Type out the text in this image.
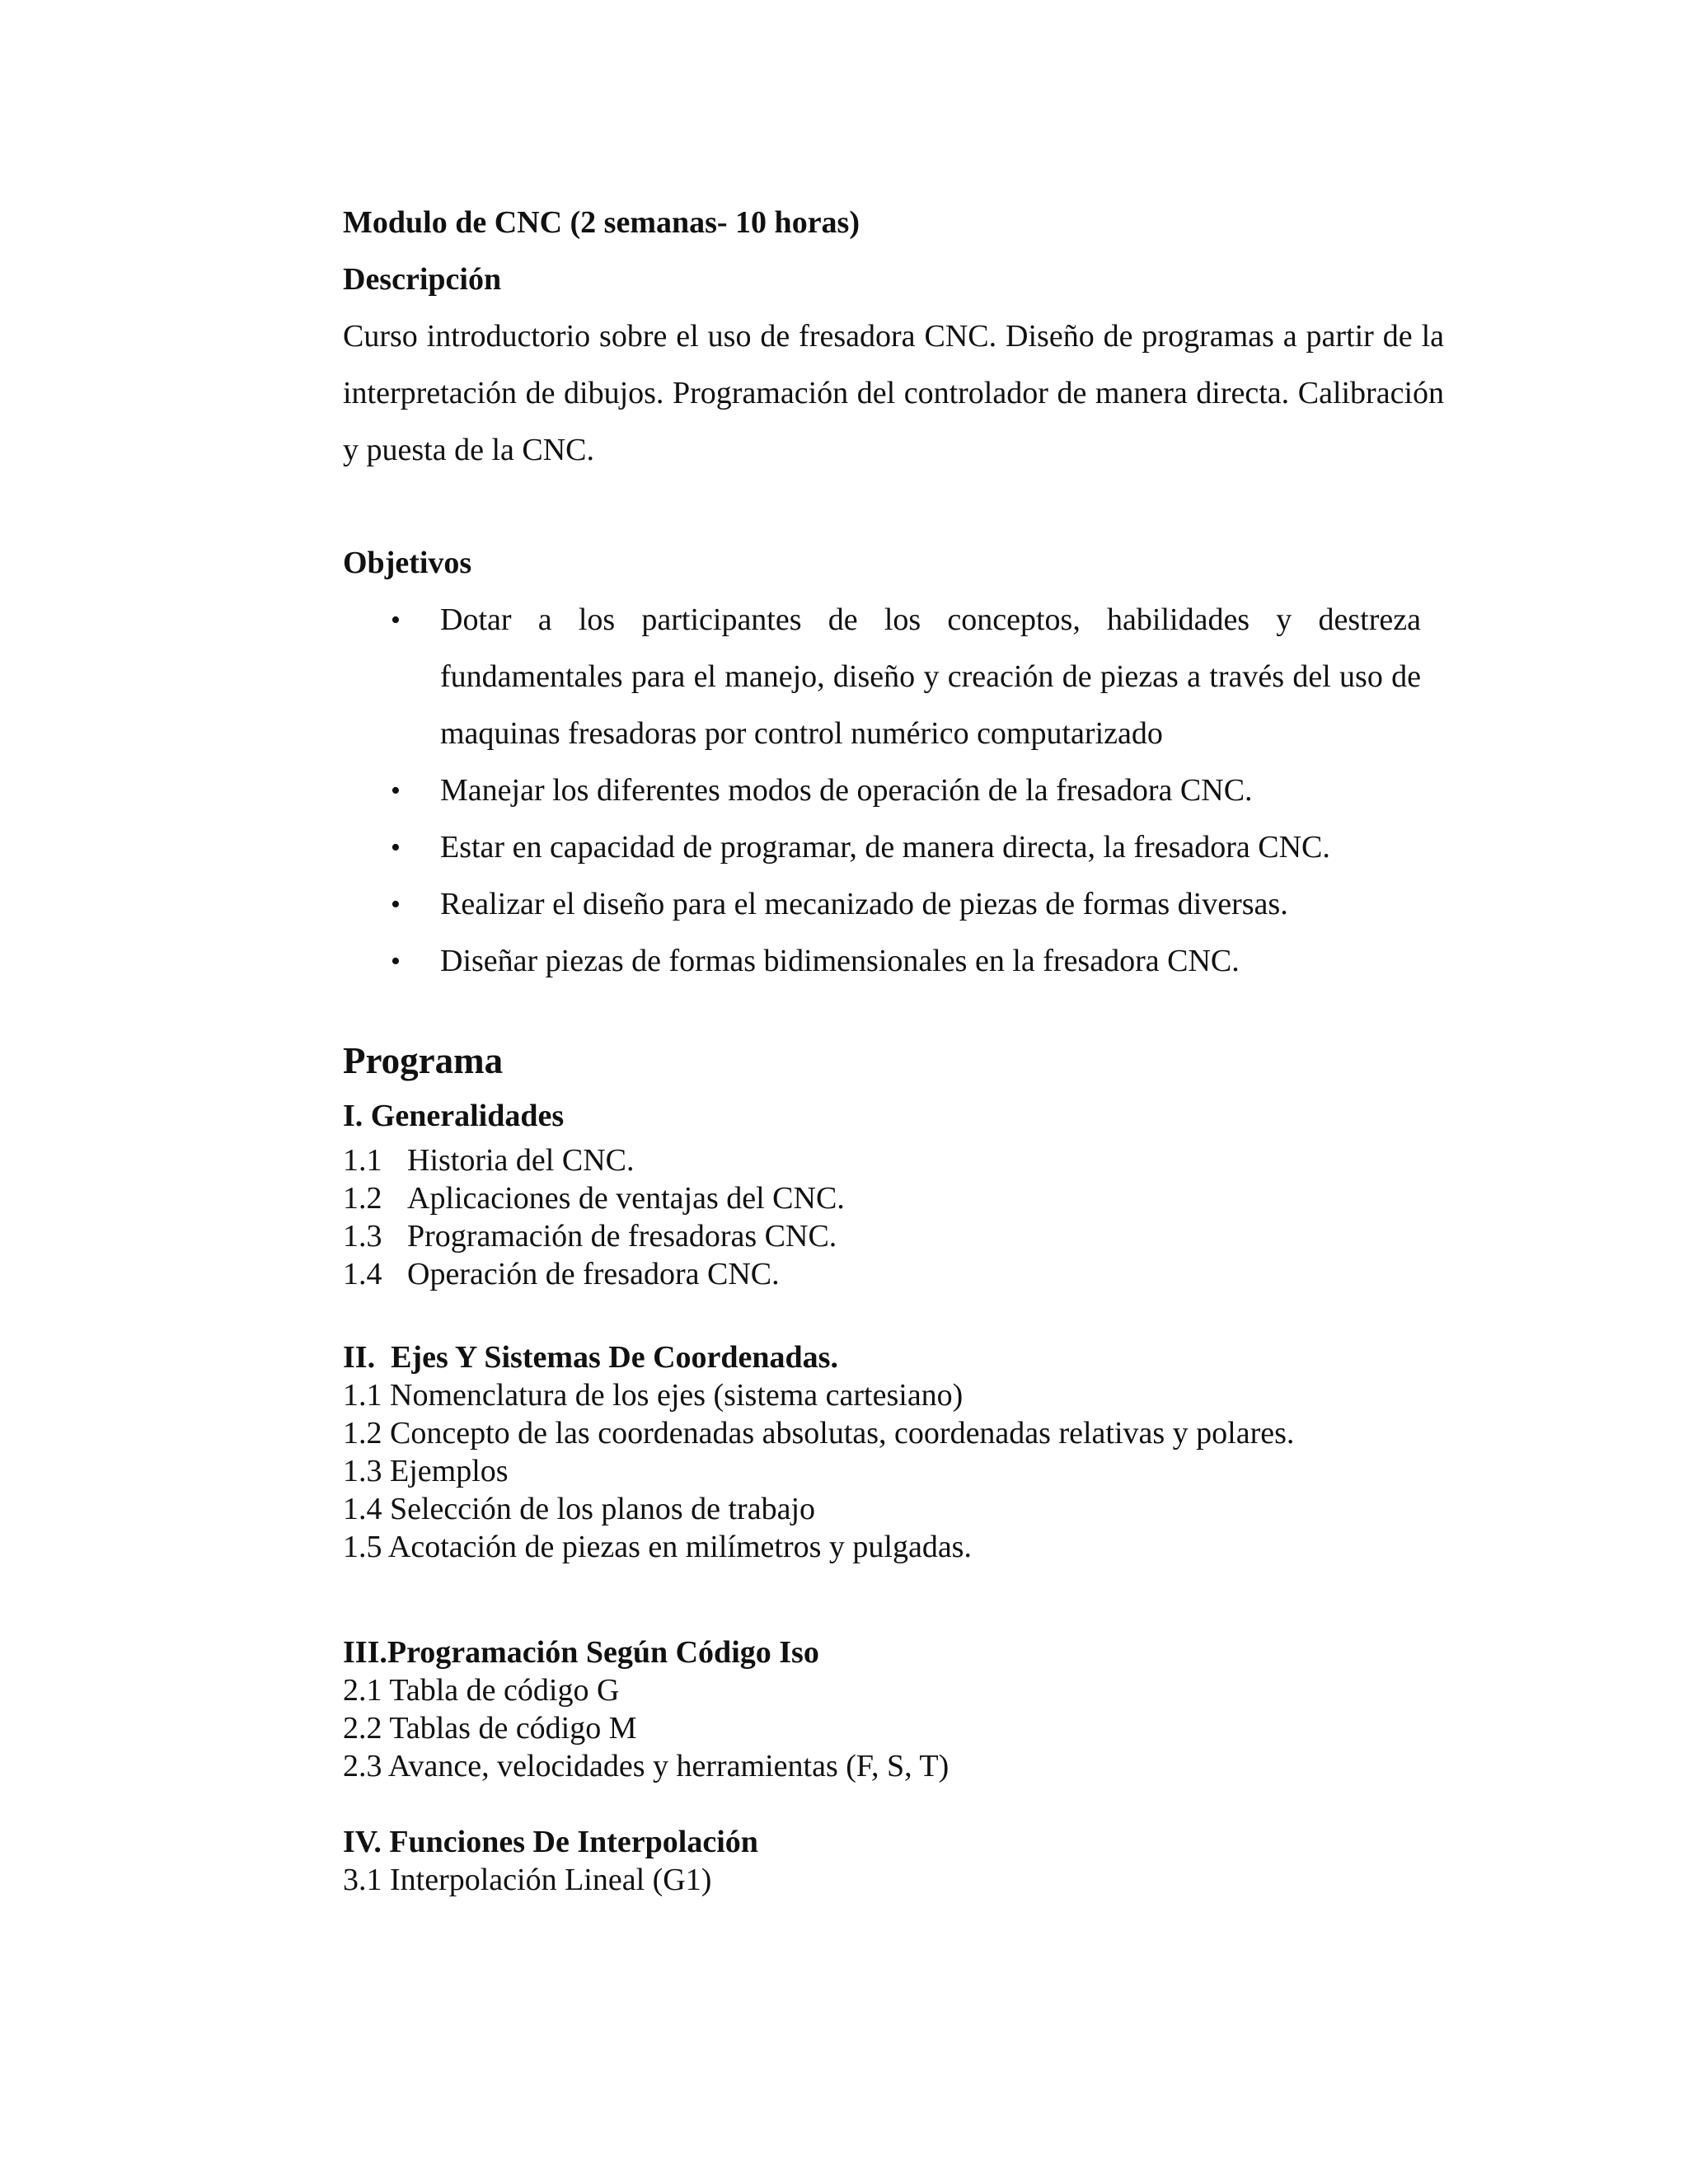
Modulo de CNC (2 semanas- 10 horas)
Descripción
Curso introductorio sobre el uso de fresadora CNC. Diseño de programas a partir de la interpretación de dibujos. Programación del controlador de manera directa. Calibración y puesta de la CNC.
Objetivos
• Dotar a los participantes de los conceptos, habilidades y destreza fundamentales para el manejo, diseño y creación de piezas a través del uso de maquinas fresadoras por control numérico computarizado
• Manejar los diferentes modos de operación de la fresadora CNC.
• Estar en capacidad de programar, de manera directa, la fresadora CNC.
• Realizar el diseño para el mecanizado de piezas de formas diversas.
• Diseñar piezas de formas bidimensionales en la fresadora CNC.
Programa
I. Generalidades
1.1 Historia del CNC.
1.2 Aplicaciones de ventajas del CNC.
1.3 Programación de fresadoras CNC.
1.4 Operación de fresadora CNC.
II.  Ejes Y Sistemas De Coordenadas.
1.1 Nomenclatura de los ejes (sistema cartesiano)
1.2 Concepto de las coordenadas absolutas, coordenadas relativas y polares.
1.3 Ejemplos
1.4 Selección de los planos de trabajo
1.5 Acotación de piezas en milímetros y pulgadas.
III. Programación Según Código Iso
2.1 Tabla de código G
2.2 Tablas de código M
2.3 Avance, velocidades y herramientas (F, S, T)
IV. Funciones De Interpolación
3.1 Interpolación Lineal (G1)
